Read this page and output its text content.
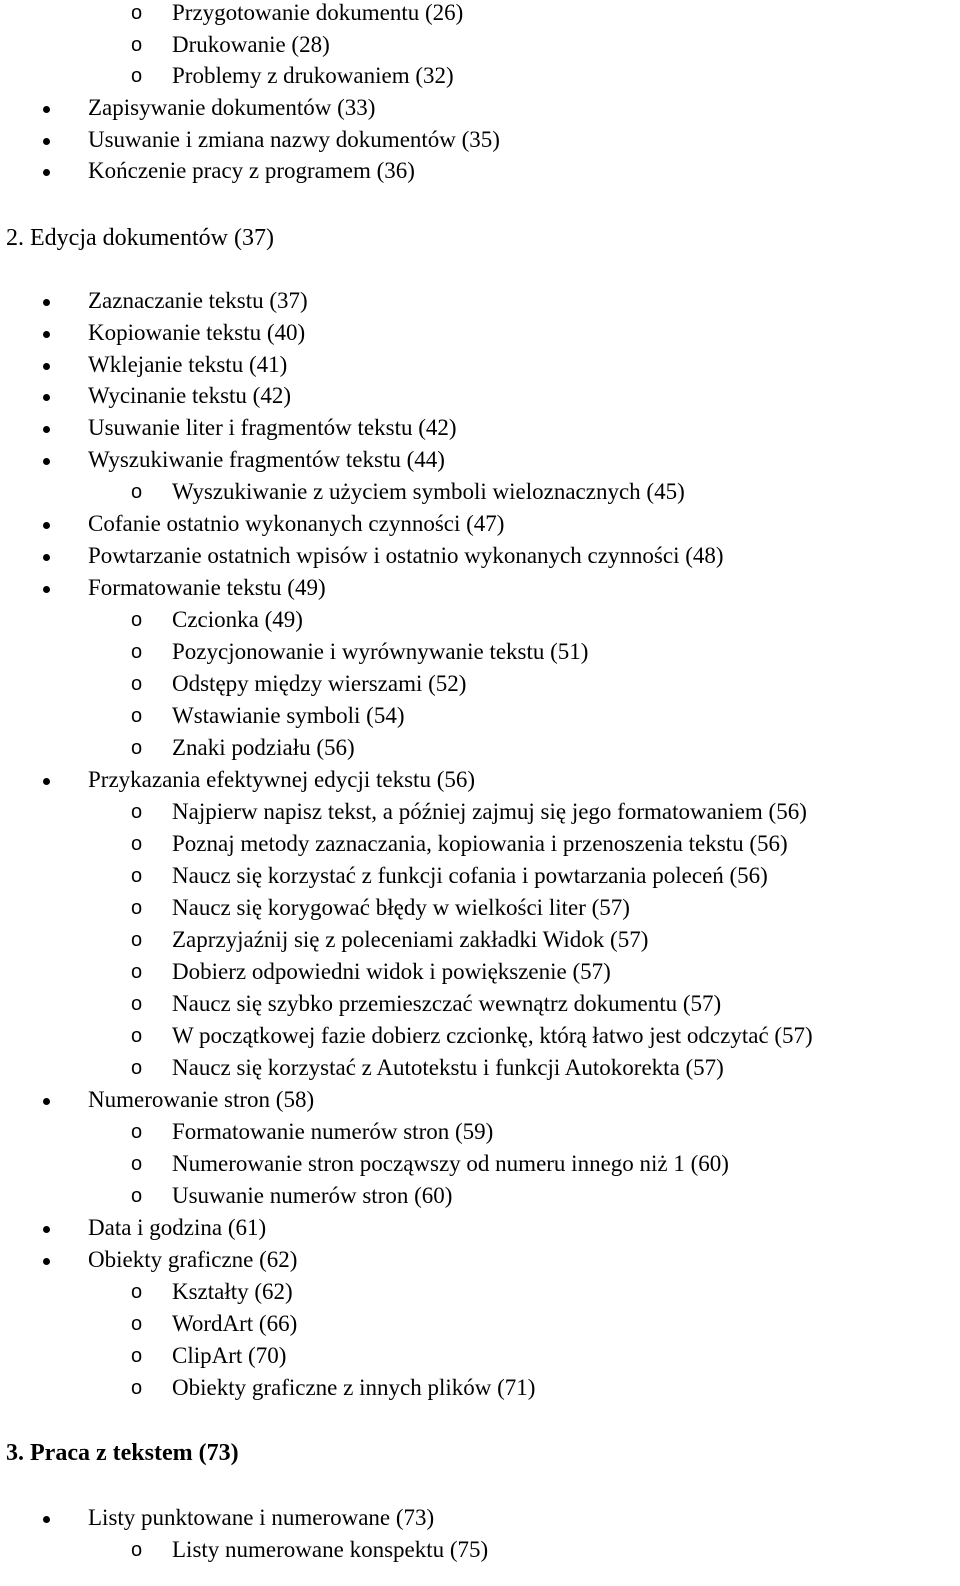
o Przygotowanie dokumentu (26)
o Drukowanie (28)
o Problemy z drukowaniem (32)
Zapisywanie dokumentów (33)
Usuwanie i zmiana nazwy dokumentów (35)
Kończenie pracy z programem (36)
2. Edycja dokumentów (37)
Zaznaczanie tekstu (37)
Kopiowanie tekstu (40)
Wklejanie tekstu (41)
Wycinanie tekstu (42)
Usuwanie liter i fragmentów tekstu (42)
Wyszukiwanie fragmentów tekstu (44)
o Wyszukiwanie z użyciem symboli wieloznacznych (45)
Cofanie ostatnio wykonanych czynności (47)
Powtarzanie ostatnich wpisów i ostatnio wykonanych czynności (48)
Formatowanie tekstu (49)
o Czcionka (49)
o Pozycjonowanie i wyrównywanie tekstu (51)
o Odstępy między wierszami (52)
o Wstawianie symboli (54)
o Znaki podziału (56)
Przykazania efektywnej edycji tekstu (56)
o Najpierw napisz tekst, a później zajmuj się jego formatowaniem (56)
o Poznaj metody zaznaczania, kopiowania i przenoszenia tekstu (56)
o Naucz się korzystać z funkcji cofania i powtarzania poleceń (56)
o Naucz się korygować błędy w wielkości liter (57)
o Zaprzyjaźnij się z poleceniami zakładki Widok (57)
o Dobierz odpowiedni widok i powiększenie (57)
o Naucz się szybko przemieszczać wewnątrz dokumentu (57)
o W początkowej fazie dobierz czcionkę, którą łatwo jest odczytać (57)
o Naucz się korzystać z Autotekstu i funkcji Autokorekta (57)
Numerowanie stron (58)
o Formatowanie numerów stron (59)
o Numerowanie stron począwszy od numeru innego niż 1 (60)
o Usuwanie numerów stron (60)
Data i godzina (61)
Obiekty graficzne (62)
o Kształty (62)
o WordArt (66)
o ClipArt (70)
o Obiekty graficzne z innych plików (71)
3. Praca z tekstem (73)
Listy punktowane i numerowane (73)
o Listy numerowane konspektu (75)
